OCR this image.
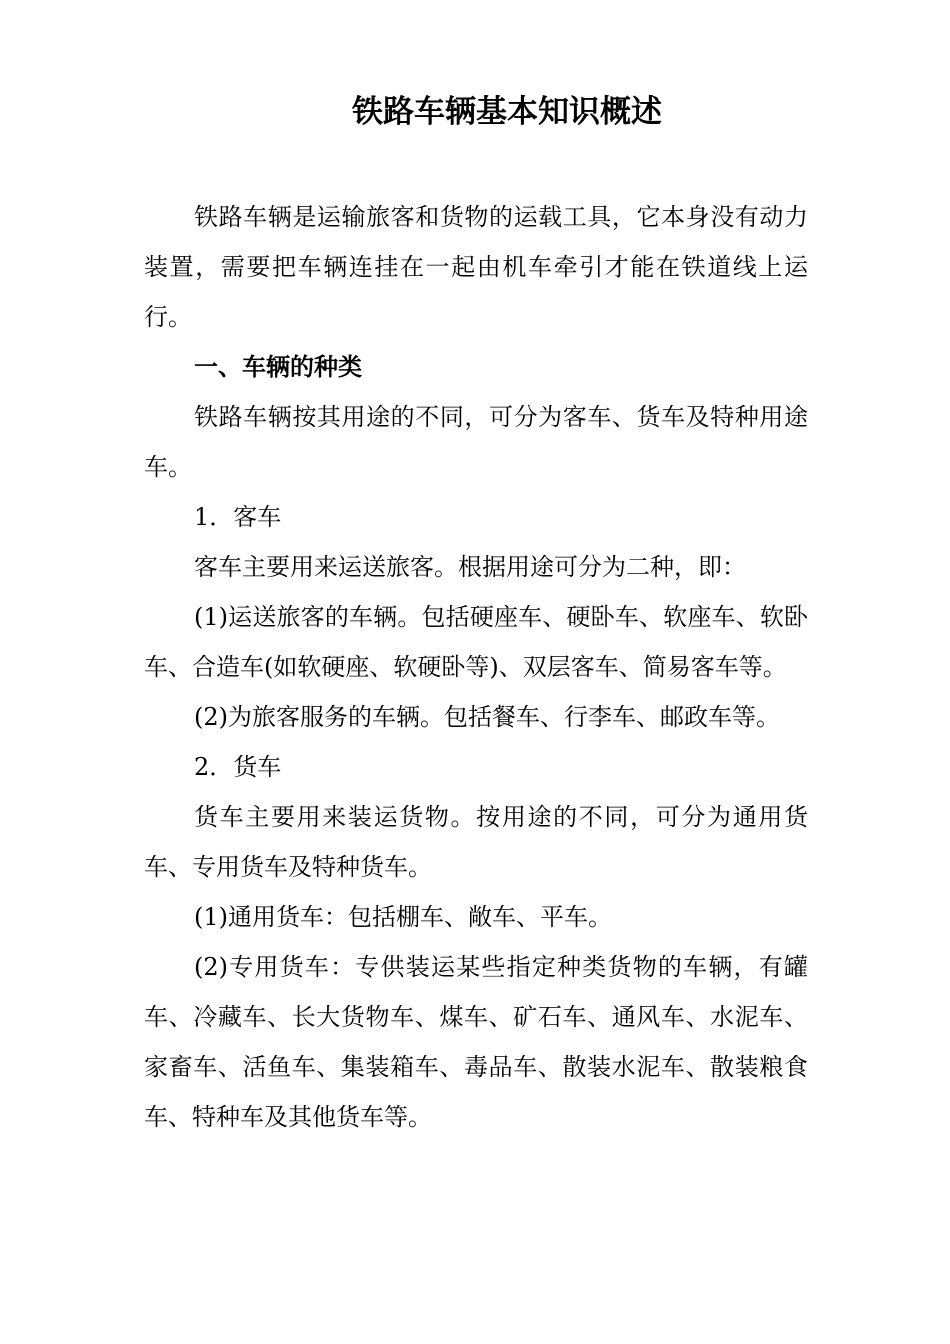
铁路车辆基本知识概述

铁路车辆是运输旅客和货物的运载工具，它本身没有动力装置，需要把车辆连挂在一起由机车牵引才能在铁道线上运行。

一、车辆的种类

铁路车辆按其用途的不同，可分为客车、货车及特种用途车。

1．客车

客车主要用来运送旅客。根据用途可分为二种，即：

(1)运送旅客的车辆。包括硬座车、硬卧车、软座车、软卧车、合造车(如软硬座、软硬卧等)、双层客车、简易客车等。

(2)为旅客服务的车辆。包括餐车、行李车、邮政车等。

2．货车

货车主要用来装运货物。按用途的不同，可分为通用货车、专用货车及特种货车。

(1)通用货车：包括棚车、敞车、平车。

(2)专用货车：专供装运某些指定种类货物的车辆，有罐车、冷藏车、长大货物车、煤车、矿石车、通风车、水泥车、家畜车、活鱼车、集装箱车、毒品车、散装水泥车、散装粮食车、特种车及其他货车等。
